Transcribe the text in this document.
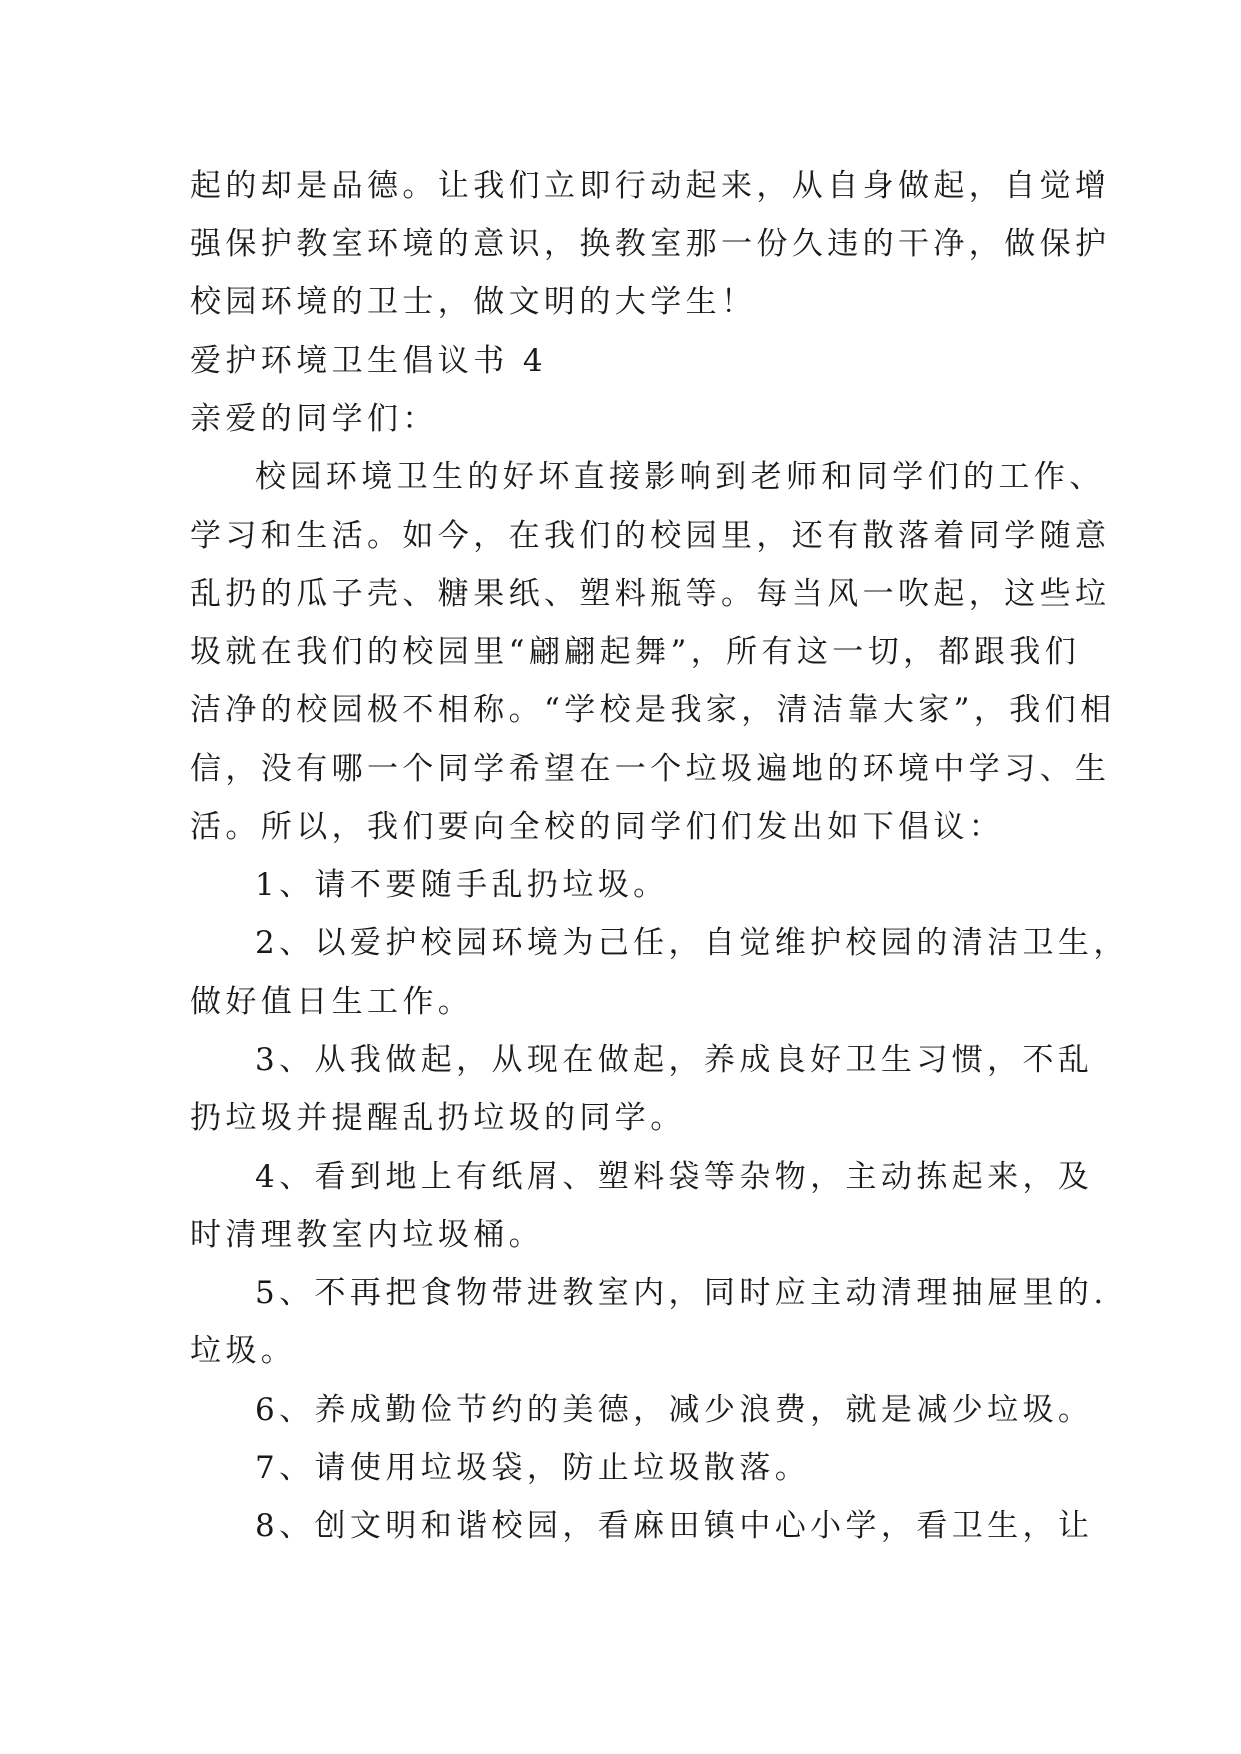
起的却是品德。让我们立即行动起来，从自身做起，自觉增
强保护教室环境的意识，换教室那一份久违的干净，做保护
校园环境的卫士，做文明的大学生！
爱护环境卫生倡议书 4
亲爱的同学们：
校园环境卫生的好坏直接影响到老师和同学们的工作、
学习和生活。如今，在我们的校园里，还有散落着同学随意
乱扔的瓜子壳、糖果纸、塑料瓶等。每当风一吹起，这些垃
圾就在我们的校园里“翩翩起舞”，所有这一切，都跟我们
洁净的校园极不相称。“学校是我家，清洁靠大家”，我们相
信，没有哪一个同学希望在一个垃圾遍地的环境中学习、生
活。所以，我们要向全校的同学们们发出如下倡议：
1、请不要随手乱扔垃圾。
2、以爱护校园环境为己任，自觉维护校园的清洁卫生，
做好值日生工作。
3、从我做起，从现在做起，养成良好卫生习惯，不乱
扔垃圾并提醒乱扔垃圾的同学。
4、看到地上有纸屑、塑料袋等杂物，主动拣起来，及
时清理教室内垃圾桶。
5、不再把食物带进教室内，同时应主动清理抽屉里的.
垃圾。
6、养成勤俭节约的美德，减少浪费，就是减少垃圾。
7、请使用垃圾袋，防止垃圾散落。
8、创文明和谐校园，看麻田镇中心小学，看卫生，让
